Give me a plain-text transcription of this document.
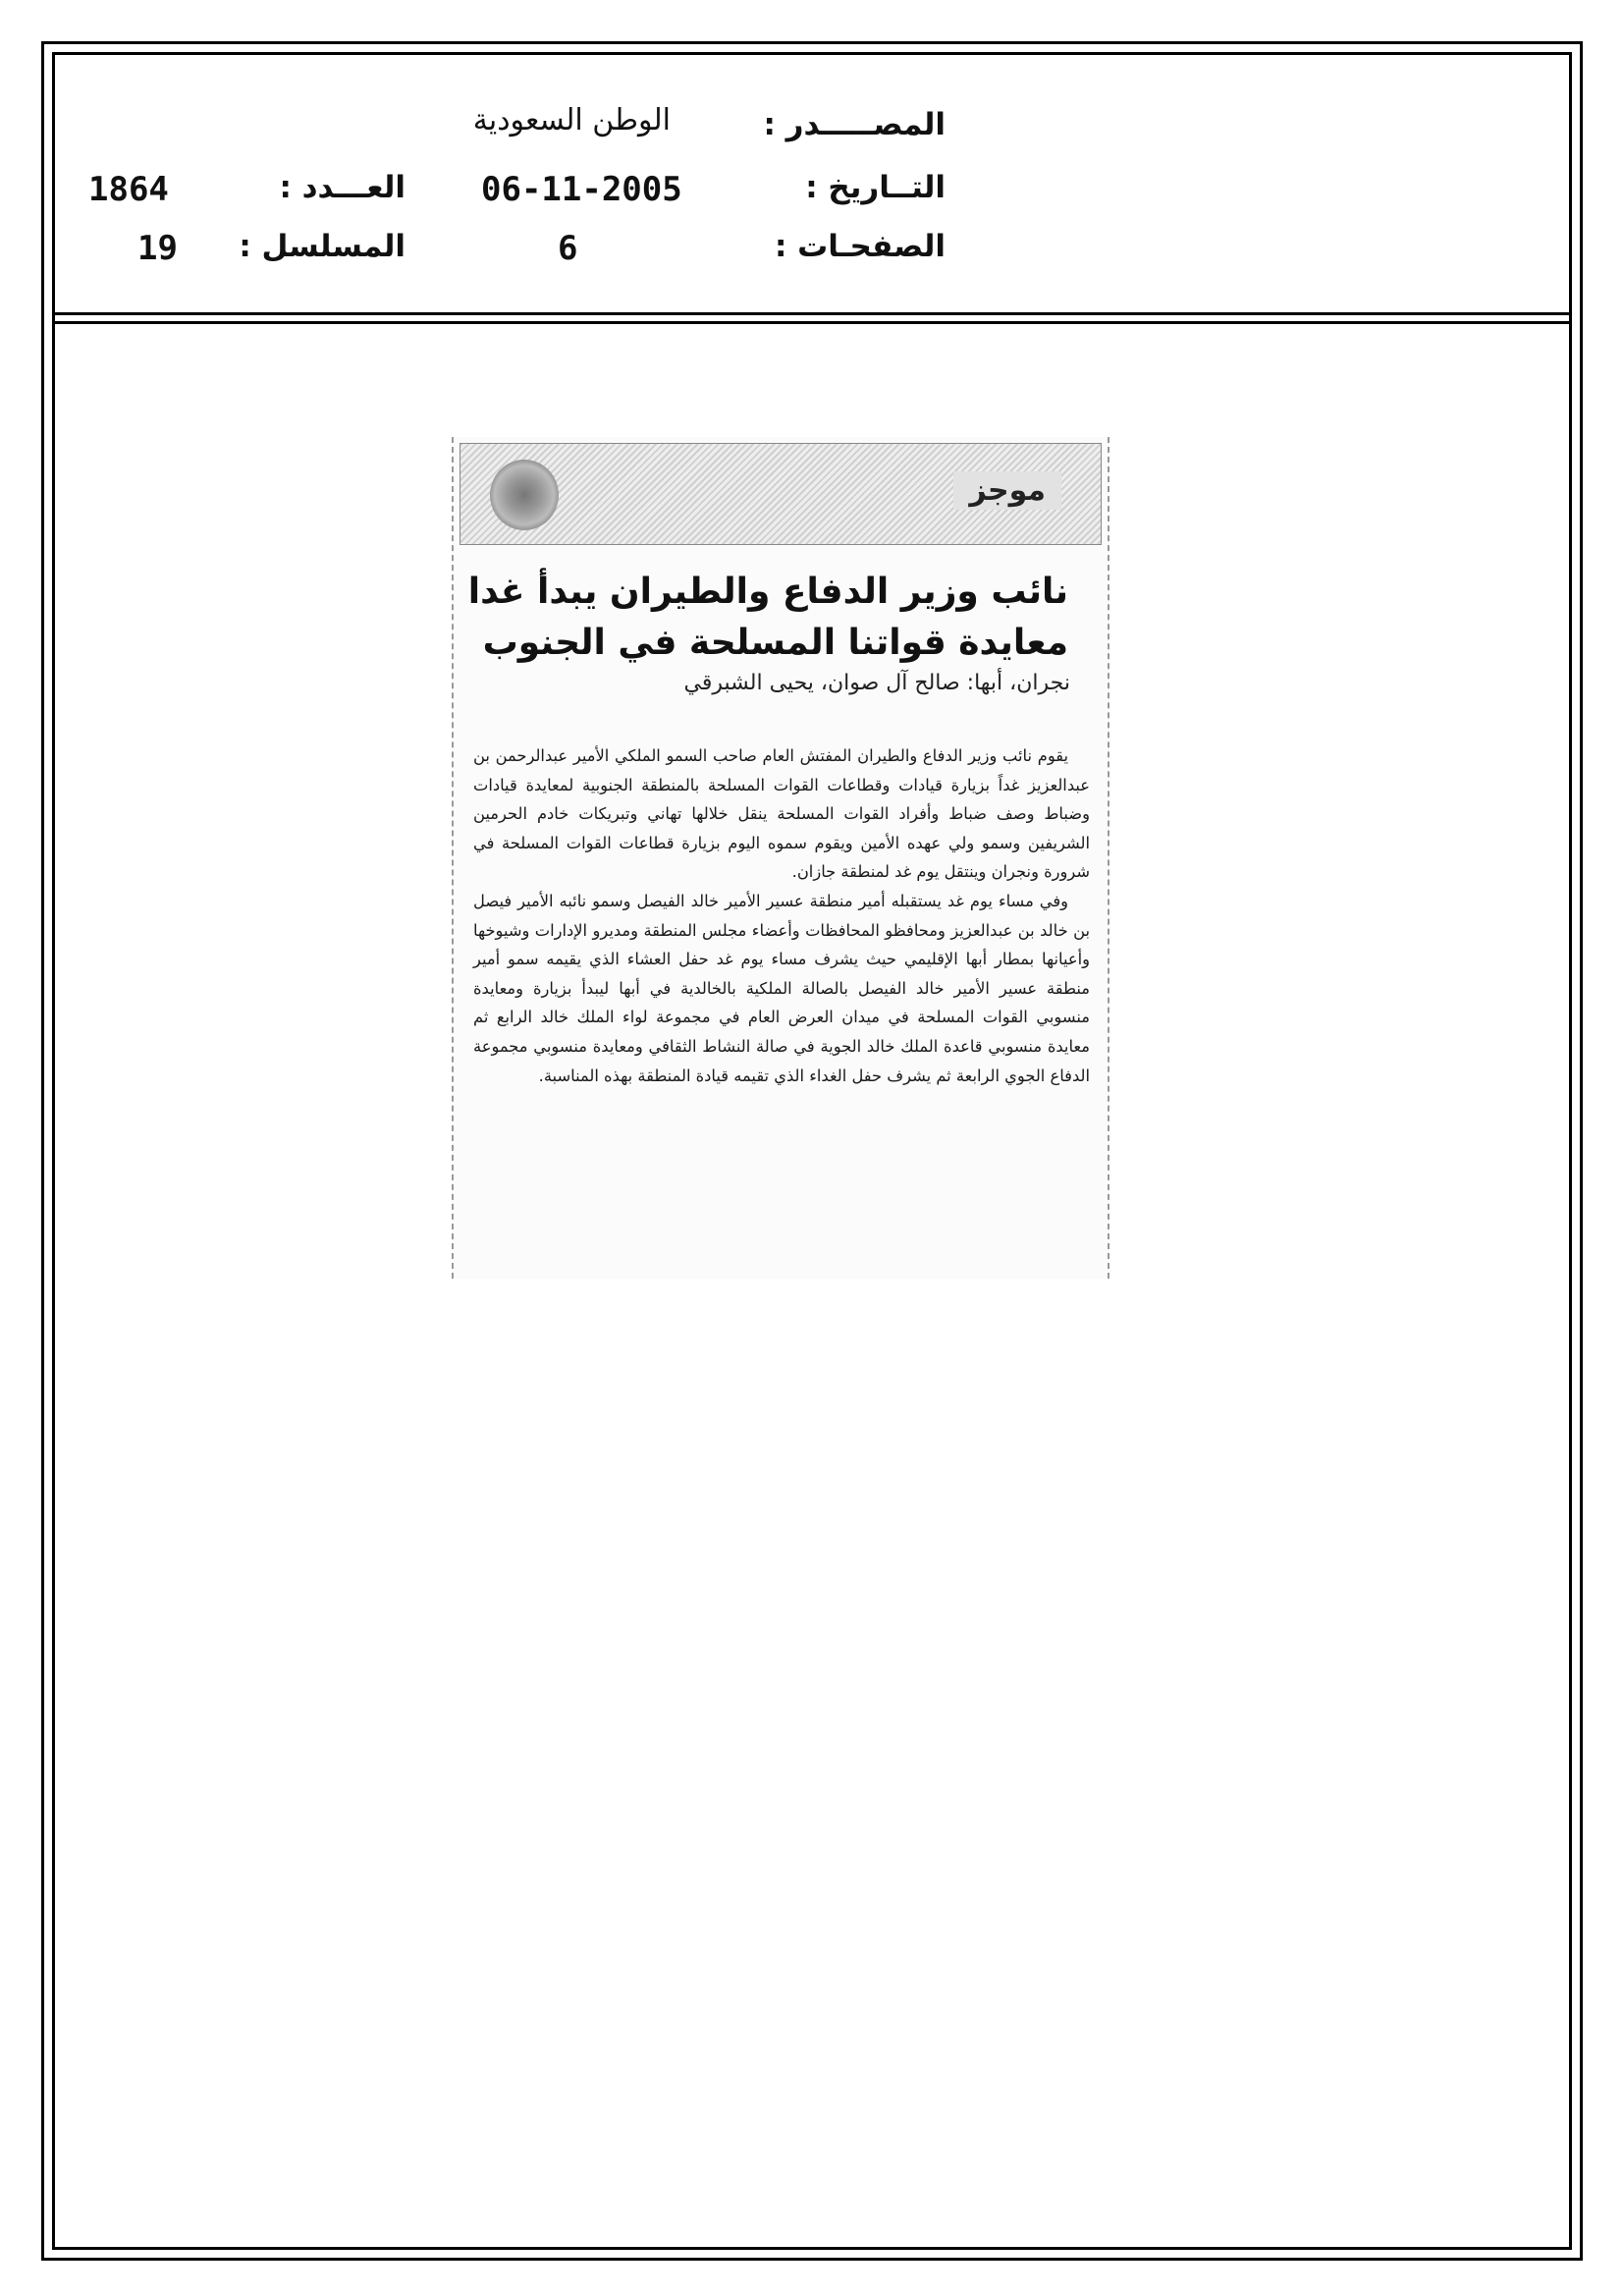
المصـــــدر :
الوطن السعودية
التــاريخ :
06-11-2005
العـــدد :
1864
الصفحـات :
6
المسلسل :
19
موجز
نائب وزير الدفاع والطيران يبدأ غدا
معايدة قواتنا المسلحة في الجنوب
نجران، أبها: صالح آل صوان، يحيى الشبرقي

يقوم نائب وزير الدفاع والطيران المفتش العام صاحب السمو الملكي الأمير عبدالرحمن بن عبدالعزيز غداً بزيارة قيادات وقطاعات القوات المسلحة بالمنطقة الجنوبية لمعايدة قيادات وضباط وصف ضباط وأفراد القوات المسلحة ينقل خلالها تهاني وتبريكات خادم الحرمين الشريفين وسمو ولي عهده الأمين ويقوم سموه اليوم بزيارة قطاعات القوات المسلحة في شرورة ونجران وينتقل يوم غد لمنطقة جازان.

وفي مساء يوم غد يستقبله أمير منطقة عسير الأمير خالد الفيصل وسمو نائبه الأمير فيصل بن خالد بن عبدالعزيز ومحافظو المحافظات وأعضاء مجلس المنطقة ومديرو الإدارات وشيوخها وأعيانها بمطار أبها الإقليمي حيث يشرف مساء يوم غد حفل العشاء الذي يقيمه سمو أمير منطقة عسير الأمير خالد الفيصل بالصالة الملكية بالخالدية في أبها ليبدأ بزيارة ومعايدة منسوبي القوات المسلحة في ميدان العرض العام في مجموعة لواء الملك خالد الرابع ثم معايدة منسوبي قاعدة الملك خالد الجوية في صالة النشاط الثقافي ومعايدة منسوبي مجموعة الدفاع الجوي الرابعة ثم يشرف حفل الغداء الذي تقيمه قيادة المنطقة بهذه المناسبة.
